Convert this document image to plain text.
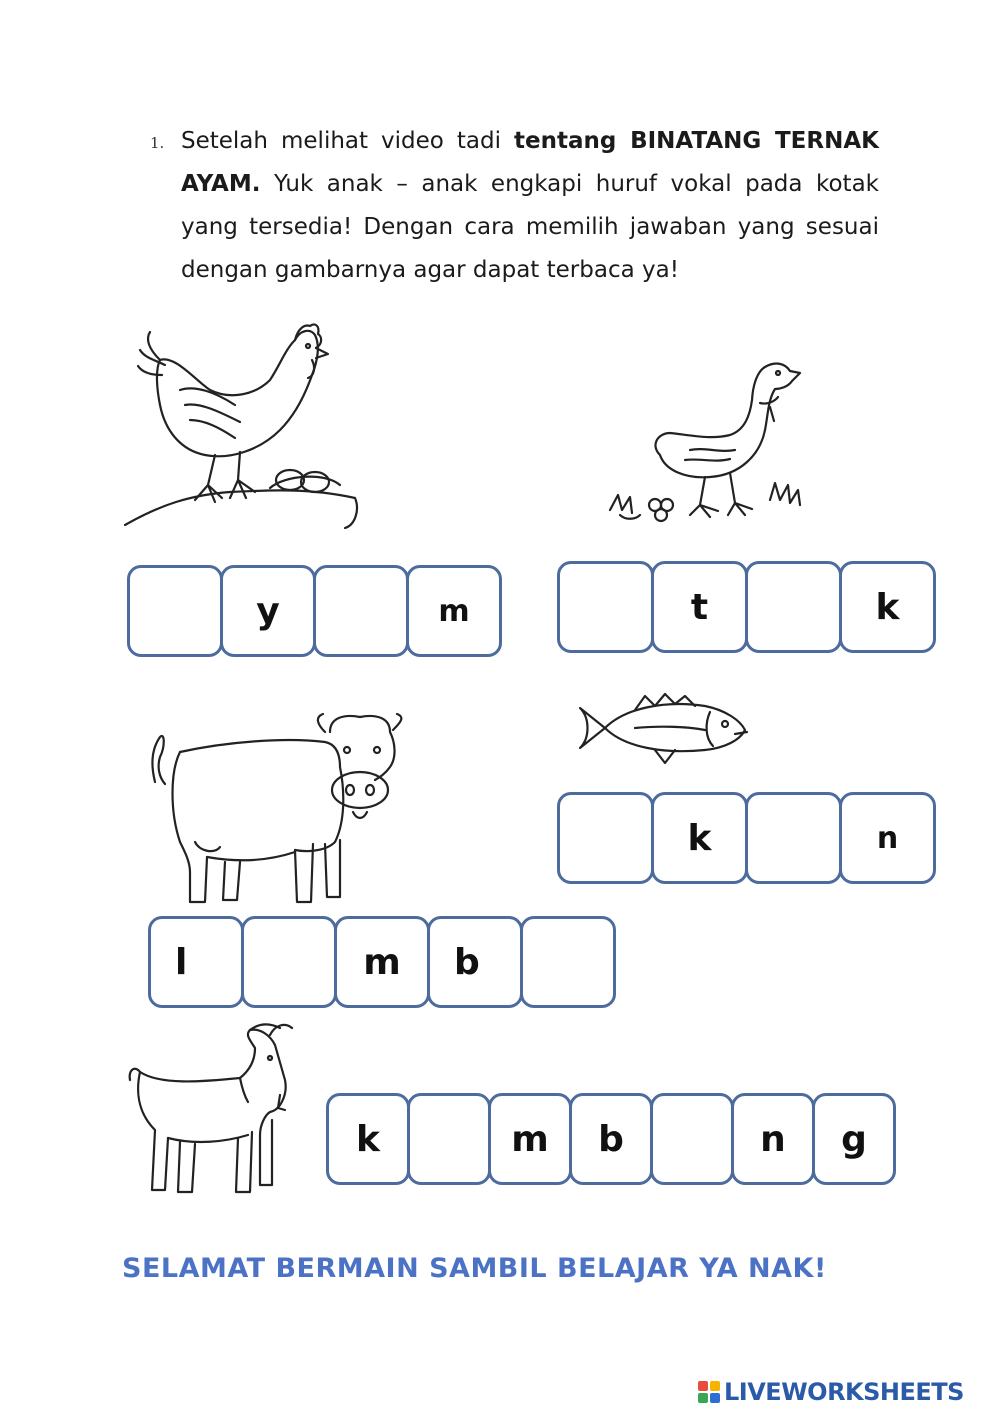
1. Setelah melihat video tadi tentang BINATANG TERNAK AYAM. Yuk anak – anak engkapi huruf vokal pada kotak yang tersedia! Dengan cara memilih jawaban yang sesuai dengan gambarnya agar dapat terbaca ya!
y	m	t	k
k	n
l	m	b
k	m	b	n	g
SELAMAT BERMAIN SAMBIL BELAJAR YA NAK!
LIVEWORKSHEETS
